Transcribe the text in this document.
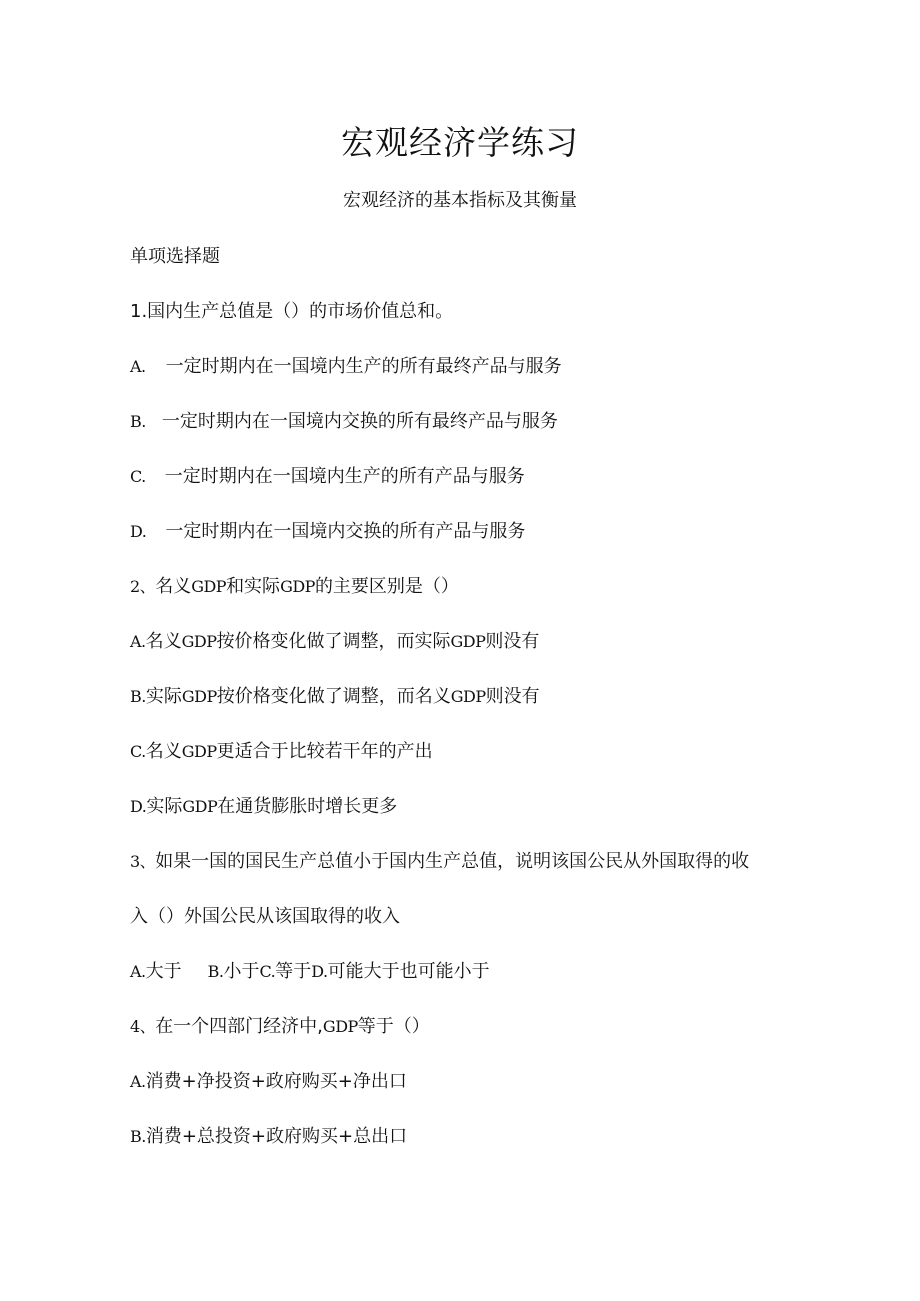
宏观经济学练习
宏观经济的基本指标及其衡量
单项选择题
1.国内生产总值是（）的市场价值总和。
A. 一定时期内在一国境内生产的所有最终产品与服务
B. 一定时期内在一国境内交换的所有最终产品与服务
C. 一定时期内在一国境内生产的所有产品与服务
D. 一定时期内在一国境内交换的所有产品与服务
2、名义GDP和实际GDP的主要区别是（）
A.名义GDP按价格变化做了调整，而实际GDP则没有
B.实际GDP按价格变化做了调整，而名义GDP则没有
C.名义GDP更适合于比较若干年的产出
D.实际GDP在通货膨胀时增长更多
3、如果一国的国民生产总值小于国内生产总值，说明该国公民从外国取得的收
入（）外国公民从该国取得的收入
A.大于 B.小于C.等于D.可能大于也可能小于
4、在一个四部门经济中,GDP等于（）
A.消费+净投资+政府购买+净出口
B.消费+总投资+政府购买+总出口
